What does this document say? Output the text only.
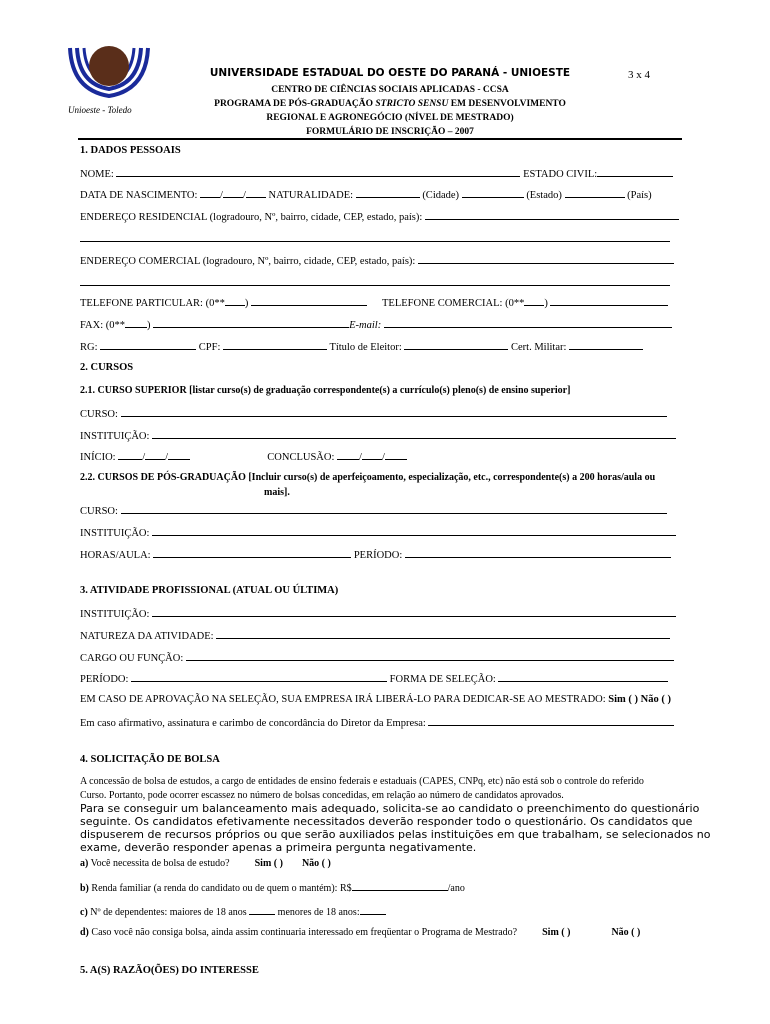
Unioeste - Toledo
UNIVERSIDADE ESTADUAL DO OESTE DO PARANÁ - UNIOESTE	3 x 4
CENTRO DE CIÊNCIAS SOCIAIS APLICADAS - CCSA
PROGRAMA DE PÓS-GRADUAÇÃO STRICTO SENSU EM DESENVOLVIMENTO
REGIONAL E AGRONEGÓCIO (NÍVEL DE MESTRADO)
FORMULÁRIO DE INSCRIÇÃO – 2007
1. DADOS PESSOAIS
NOME:	ESTADO CIVIL:
DATA DE NASCIMENTO: / / NATURALIDADE:	(Cidade)	(Estado)	(País)
ENDEREÇO RESIDENCIAL (logradouro, Nº, bairro, cidade, CEP, estado, país):
ENDEREÇO COMERCIAL (logradouro, Nº, bairro, cidade, CEP, estado, país):
TELEFONE PARTICULAR: (0** )	TELEFONE COMERCIAL: (0** )
FAX: (0** )	E-mail:
RG:	CPF:	Título de Eleitor:	Cert. Militar:
2. CURSOS
2.1. CURSO SUPERIOR [listar curso(s) de graduação correspondente(s) a currículo(s) pleno(s) de ensino superior]
CURSO:
INSTITUIÇÃO:
INÍCIO:	/ /	CONCLUSÃO: / /
2.2. CURSOS DE PÓS-GRADUAÇÃO [Incluir curso(s) de aperfeiçoamento, especialização, etc., correspondente(s) a 200 horas/aula ou
mais].
CURSO:
INSTITUIÇÃO:
HORAS/AULA:	PERÍODO:
3. ATIVIDADE PROFISSIONAL (ATUAL OU ÚLTIMA)
INSTITUIÇÃO:
NATUREZA DA ATIVIDADE:
CARGO OU FUNÇÃO:
PERÍODO:	FORMA DE SELEÇÃO:
EM CASO DE APROVAÇÃO NA SELEÇÃO, SUA EMPRESA IRÁ LIBERÁ-LO PARA DEDICAR-SE AO MESTRADO: Sim ( ) Não ( )
Em caso afirmativo, assinatura e carimbo de concordância do Diretor da Empresa:
4. SOLICITAÇÃO DE BOLSA
A concessão de bolsa de estudos, a cargo de entidades de ensino federais e estaduais (CAPES, CNPq, etc) não está sob o controle do referido
Curso. Portanto, pode ocorrer escassez no número de bolsas concedidas, em relação ao número de candidatos aprovados.
Para se conseguir um balanceamento mais adequado, solicita-se ao candidato o preenchimento do questionário
seguinte. Os candidatos efetivamente necessitados deverão responder todo o questionário. Os candidatos que
dispuserem de recursos próprios ou que serão auxiliados pelas instituições em que trabalham, se selecionados no
exame, deverão responder apenas a primeira pergunta negativamente.
a) Você necessita de bolsa de estudo?	Sim ( ) Não ( )
b) Renda familiar (a renda do candidato ou de quem o mantém): R$	/ano
c) Nº de dependentes: maiores de 18 anos	menores de 18 anos:
d) Caso você não consiga bolsa, ainda assim continuaria interessado em freqüentar o Programa de Mestrado?	Sim ( )	Não ( )
5. A(S) RAZÃO(ÕES) DO INTERESSE
